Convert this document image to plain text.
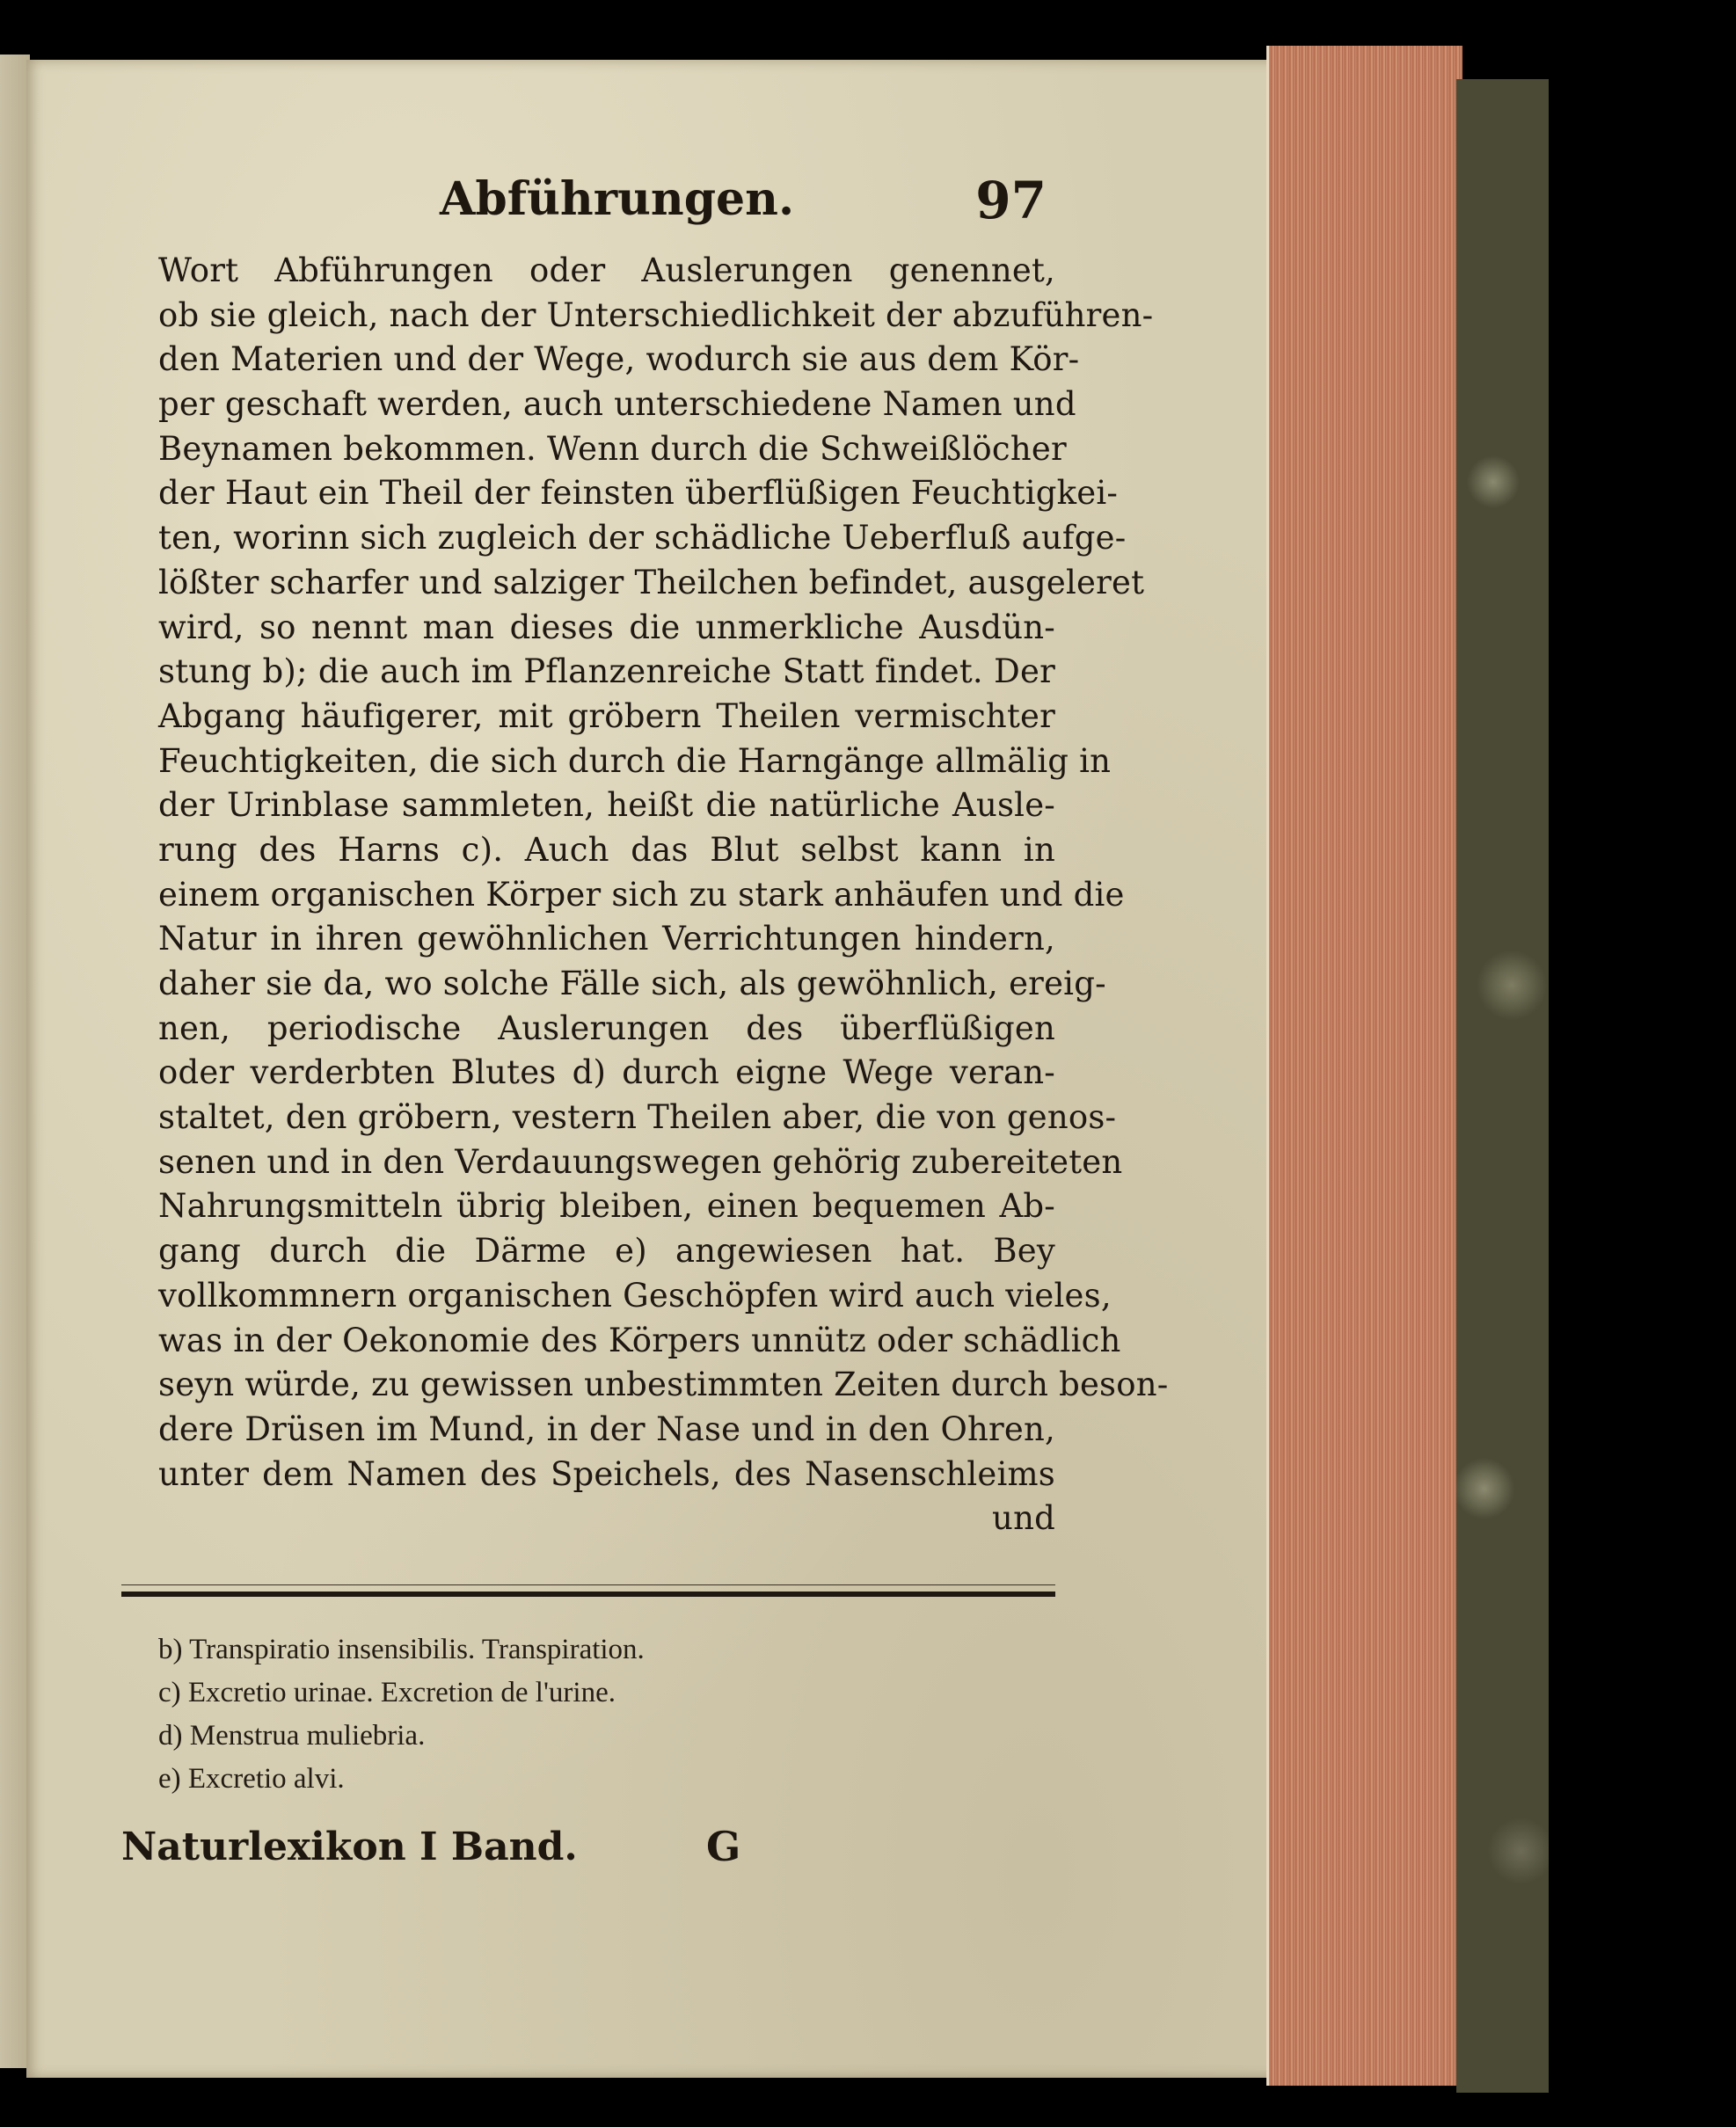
Abführungen.	97
Wort Abführungen oder Auslerungen genennet,
ob sie gleich, nach der Unterschiedlichkeit der abzuführen-
den Materien und der Wege, wodurch sie aus dem Kör-
per geschaft werden, auch unterschiedene Namen und
Beynamen bekommen. Wenn durch die Schweißlöcher
der Haut ein Theil der feinsten überflüßigen Feuchtigkei-
ten, worinn sich zugleich der schädliche Ueberfluß aufge-
lößter scharfer und salziger Theilchen befindet, ausgeleret
wird, so nennt man dieses die unmerkliche Ausdün-
stung b); die auch im Pflanzenreiche Statt findet. Der
Abgang häufigerer, mit gröbern Theilen vermischter
Feuchtigkeiten, die sich durch die Harngänge allmälig in
der Urinblase sammleten, heißt die natürliche Ausle-
rung des Harns c). Auch das Blut selbst kann in
einem organischen Körper sich zu stark anhäufen und die
Natur in ihren gewöhnlichen Verrichtungen hindern,
daher sie da, wo solche Fälle sich, als gewöhnlich, ereig-
nen, periodische Auslerungen des überflüßigen
oder verderbten Blutes d) durch eigne Wege veran-
staltet, den gröbern, vestern Theilen aber, die von genos-
senen und in den Verdauungswegen gehörig zubereiteten
Nahrungsmitteln übrig bleiben, einen bequemen Ab-
gang durch die Därme e) angewiesen hat. Bey
vollkommnern organischen Geschöpfen wird auch vieles,
was in der Oekonomie des Körpers unnütz oder schädlich
seyn würde, zu gewissen unbestimmten Zeiten durch beson-
dere Drüsen im Mund, in der Nase und in den Ohren,
unter dem Namen des Speichels, des Nasenschleims
und
b) Transpiratio insensibilis. Transpiration.
c) Excretio urinae. Excretion de l'urine.
d) Menstrua muliebria.
e) Excretio alvi.
Naturlexikon I Band.	G
